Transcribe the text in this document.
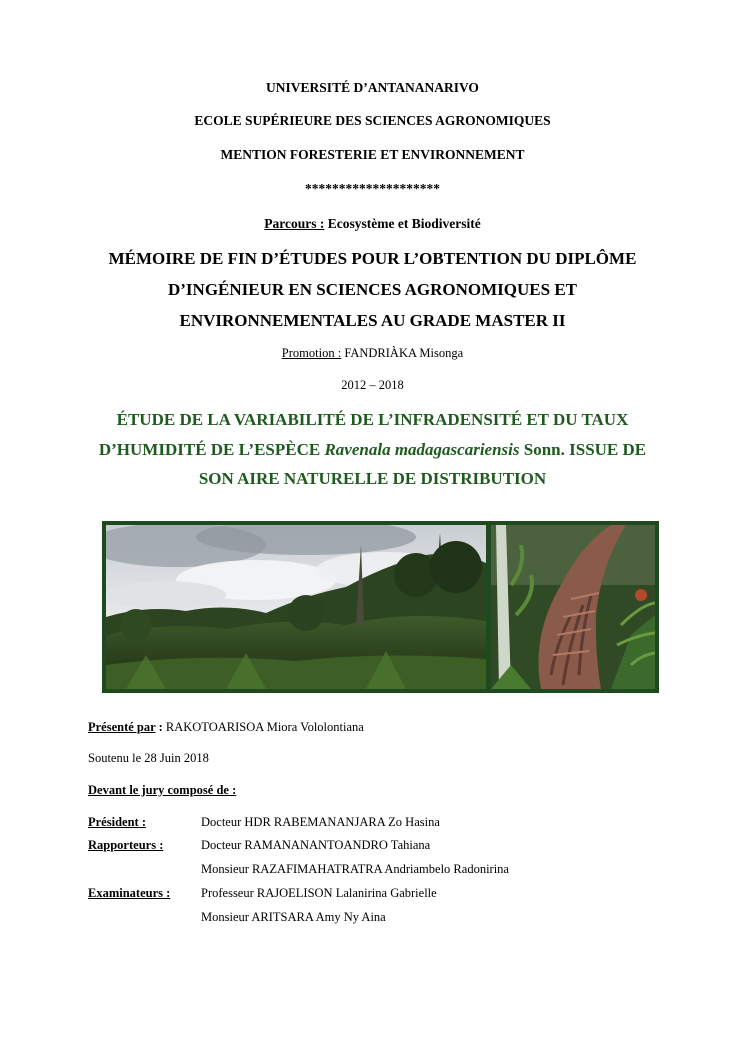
UNIVERSITÉ D’ANTANANARIVO
ECOLE SUPÉRIEURE DES SCIENCES AGRONOMIQUES
MENTION FORESTERIE ET ENVIRONNEMENT
********************
Parcours : Ecosystème et Biodiversité
MÉMOIRE DE FIN D’ÉTUDES POUR L’OBTENTION DU DIPLÔME
D’INGÉNIEUR EN SCIENCES AGRONOMIQUES ET
ENVIRONNEMENTALES AU GRADE MASTER II
Promotion : FANDRIÀKA Misonga
2012 – 2018
ÉTUDE DE LA VARIABILITÉ DE L’INFRADENSITÉ ET DU TAUX
D’HUMIDITÉ DE L’ESPÈCE Ravenala madagascariensis Sonn. ISSUE DE
SON AIRE NATURELLE DE DISTRIBUTION
Présenté par : RAKOTOARISOA Miora Vololontiana
Soutenu le 28 Juin 2018
Devant le jury composé de :
Président :	Docteur HDR RABEMANANJARA Zo Hasina
Rapporteurs :	Docteur RAMANANANTOANDRO Tahiana
Monsieur RAZAFIMAHATRATRA Andriambelo Radonirina
Examinateurs : Professeur RAJOELISON Lalanirina Gabrielle
Monsieur ARITSARA Amy Ny Aina
